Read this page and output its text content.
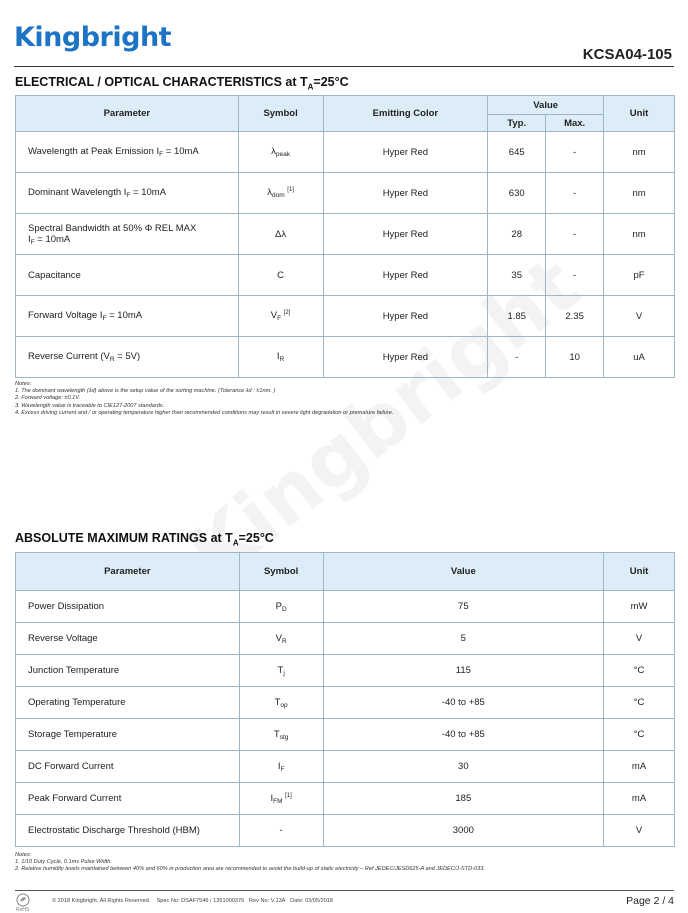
Kingbright
KCSA04-105
ELECTRICAL / OPTICAL CHARACTERISTICS at $T_A=25^\circ C$
Parameter	Symbol	Emitting Color	Value		Unit
			Typ.	Max.	
Wavelength at Peak Emission $I_F = 10mA$	$\lambda_{peak}$	Hyper Red	645	-	nm
Dominant Wavelength $I_F = 10mA$	$\lambda_{dom}$ [1]	Hyper Red	630	-	nm
Spectral Bandwidth at 50% Φ REL MAX
$I_F = 10mA$	Δλ	Hyper Red	28	-	nm
Capacitance	C	Hyper Red	35	-	pF
Forward Voltage $I_F = 10mA$	$V_F$ [2]	Hyper Red	1.85	2.35	V
Reverse Current $(V_R = 5V)$	$I_R$	Hyper Red	-	10	uA
Notes:
1. The dominant wavelength (λd) above is the setup value of the sorting machine. (Tolerance λd : ±1nm. )
2. Forward voltage: ±0.1V.
3. Wavelength value is traceable to CIE127-2007 standards.
4. Excess driving current and / or operating temperature higher than recommended conditions may result in severe light degradation or premature failure.
ABSOLUTE MAXIMUM RATINGS at $T_A=25^\circ C$
Parameter	Symbol	Value	Unit
Power Dissipation	$P_D$	75	mW
Reverse Voltage	$V_R$	5	V
Junction Temperature	$T_j$	115	°C
Operating Temperature	$T_{op}$	-40 to +85	°C
Storage Temperature	$T_{stg}$	-40 to +85	°C
DC Forward Current	$I_F$	30	mA
Peak Forward Current	$I_{FM}$ [1]	185	mA
Electrostatic Discharge Threshold (HBM)	-	3000	V
Notes:
1. 1/10 Duty Cycle, 0.1ms Pulse Width.
2. Relative humidity levels maintained between 40% and 60% in production area are recommended to avoid the build-up of static electricity – Ref JEDEC/JESD625-A and JEDEC/J-STD-033.
RoHS
© 2018 Kingbright. All Rights Reserved. Spec No: DSAF7546 / 1351000376 Rev No: V.13A Date: 03/05/2018	Page 2 / 4
